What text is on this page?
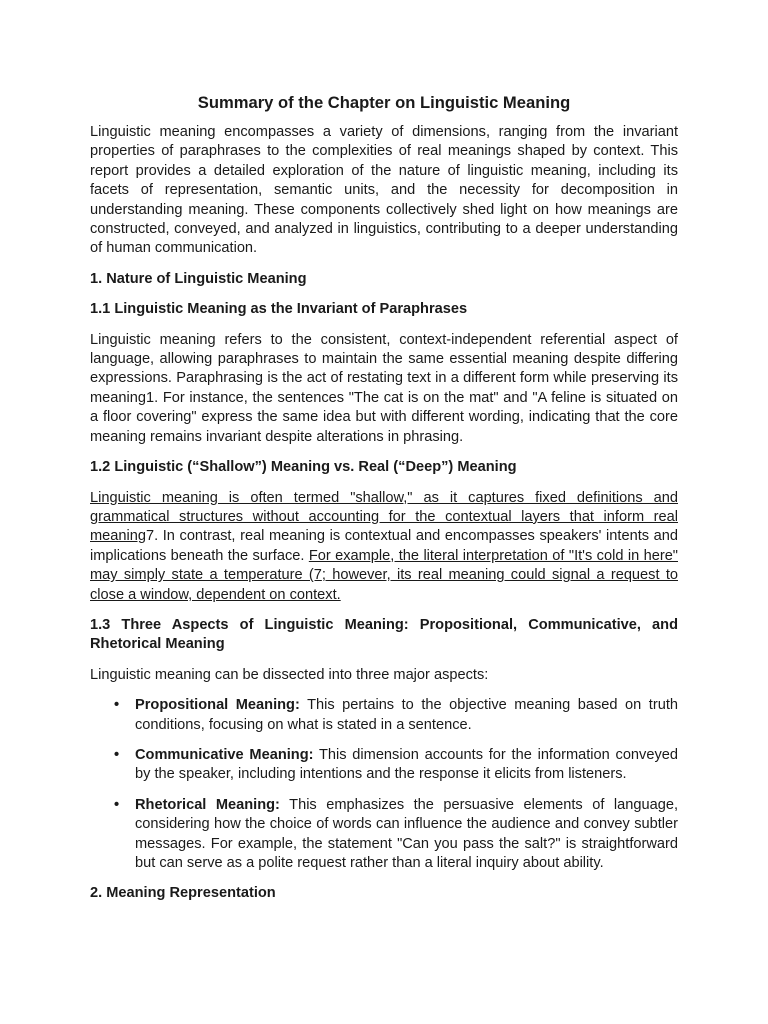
Summary of the Chapter on Linguistic Meaning

Linguistic meaning encompasses a variety of dimensions, ranging from the invariant properties of paraphrases to the complexities of real meanings shaped by context. This report provides a detailed exploration of the nature of linguistic meaning, including its facets of representation, semantic units, and the necessity for decomposition in understanding meaning. These components collectively shed light on how meanings are constructed, conveyed, and analyzed in linguistics, contributing to a deeper understanding of human communication.

1. Nature of Linguistic Meaning
1.1 Linguistic Meaning as the Invariant of Paraphrases

Linguistic meaning refers to the consistent, context-independent referential aspect of language, allowing paraphrases to maintain the same essential meaning despite differing expressions. Paraphrasing is the act of restating text in a different form while preserving its meaning1. For instance, the sentences "The cat is on the mat" and "A feline is situated on a floor covering" express the same idea but with different wording, indicating that the core meaning remains invariant despite alterations in phrasing.

1.2 Linguistic (“Shallow”) Meaning vs. Real (“Deep”) Meaning

Linguistic meaning is often termed "shallow," as it captures fixed definitions and grammatical structures without accounting for the contextual layers that inform real meaning7. In contrast, real meaning is contextual and encompasses speakers' intents and implications beneath the surface. For example, the literal interpretation of "It's cold in here" may simply state a temperature (7; however, its real meaning could signal a request to close a window, dependent on context.

1.3 Three Aspects of Linguistic Meaning: Propositional, Communicative, and Rhetorical Meaning

Linguistic meaning can be dissected into three major aspects:

• Propositional Meaning: This pertains to the objective meaning based on truth conditions, focusing on what is stated in a sentence.
• Communicative Meaning: This dimension accounts for the information conveyed by the speaker, including intentions and the response it elicits from listeners.
• Rhetorical Meaning: This emphasizes the persuasive elements of language, considering how the choice of words can influence the audience and convey subtler messages. For example, the statement "Can you pass the salt?" is straightforward but can serve as a polite request rather than a literal inquiry about ability.
2. Meaning Representation
